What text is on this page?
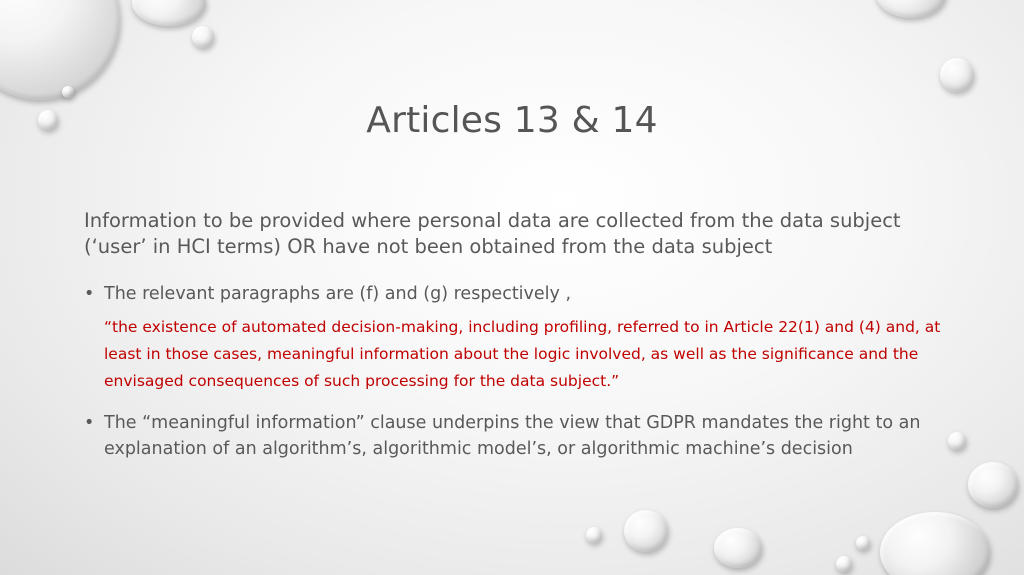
Articles 13 & 14
Information to be provided where personal data are collected from the data subject (‘user’ in HCI terms) OR have not been obtained from the data subject
• The relevant paragraphs are (f) and (g) respectively ,
“the existence of automated decision-making, including profiling, referred to in Article 22(1) and (4) and, at least in those cases, meaningful information about the logic involved, as well as the significance and the envisaged consequences of such processing for the data subject.”
• The “meaningful information” clause underpins the view that GDPR mandates the right to an explanation of an algorithm’s, algorithmic model’s, or algorithmic machine’s decision
